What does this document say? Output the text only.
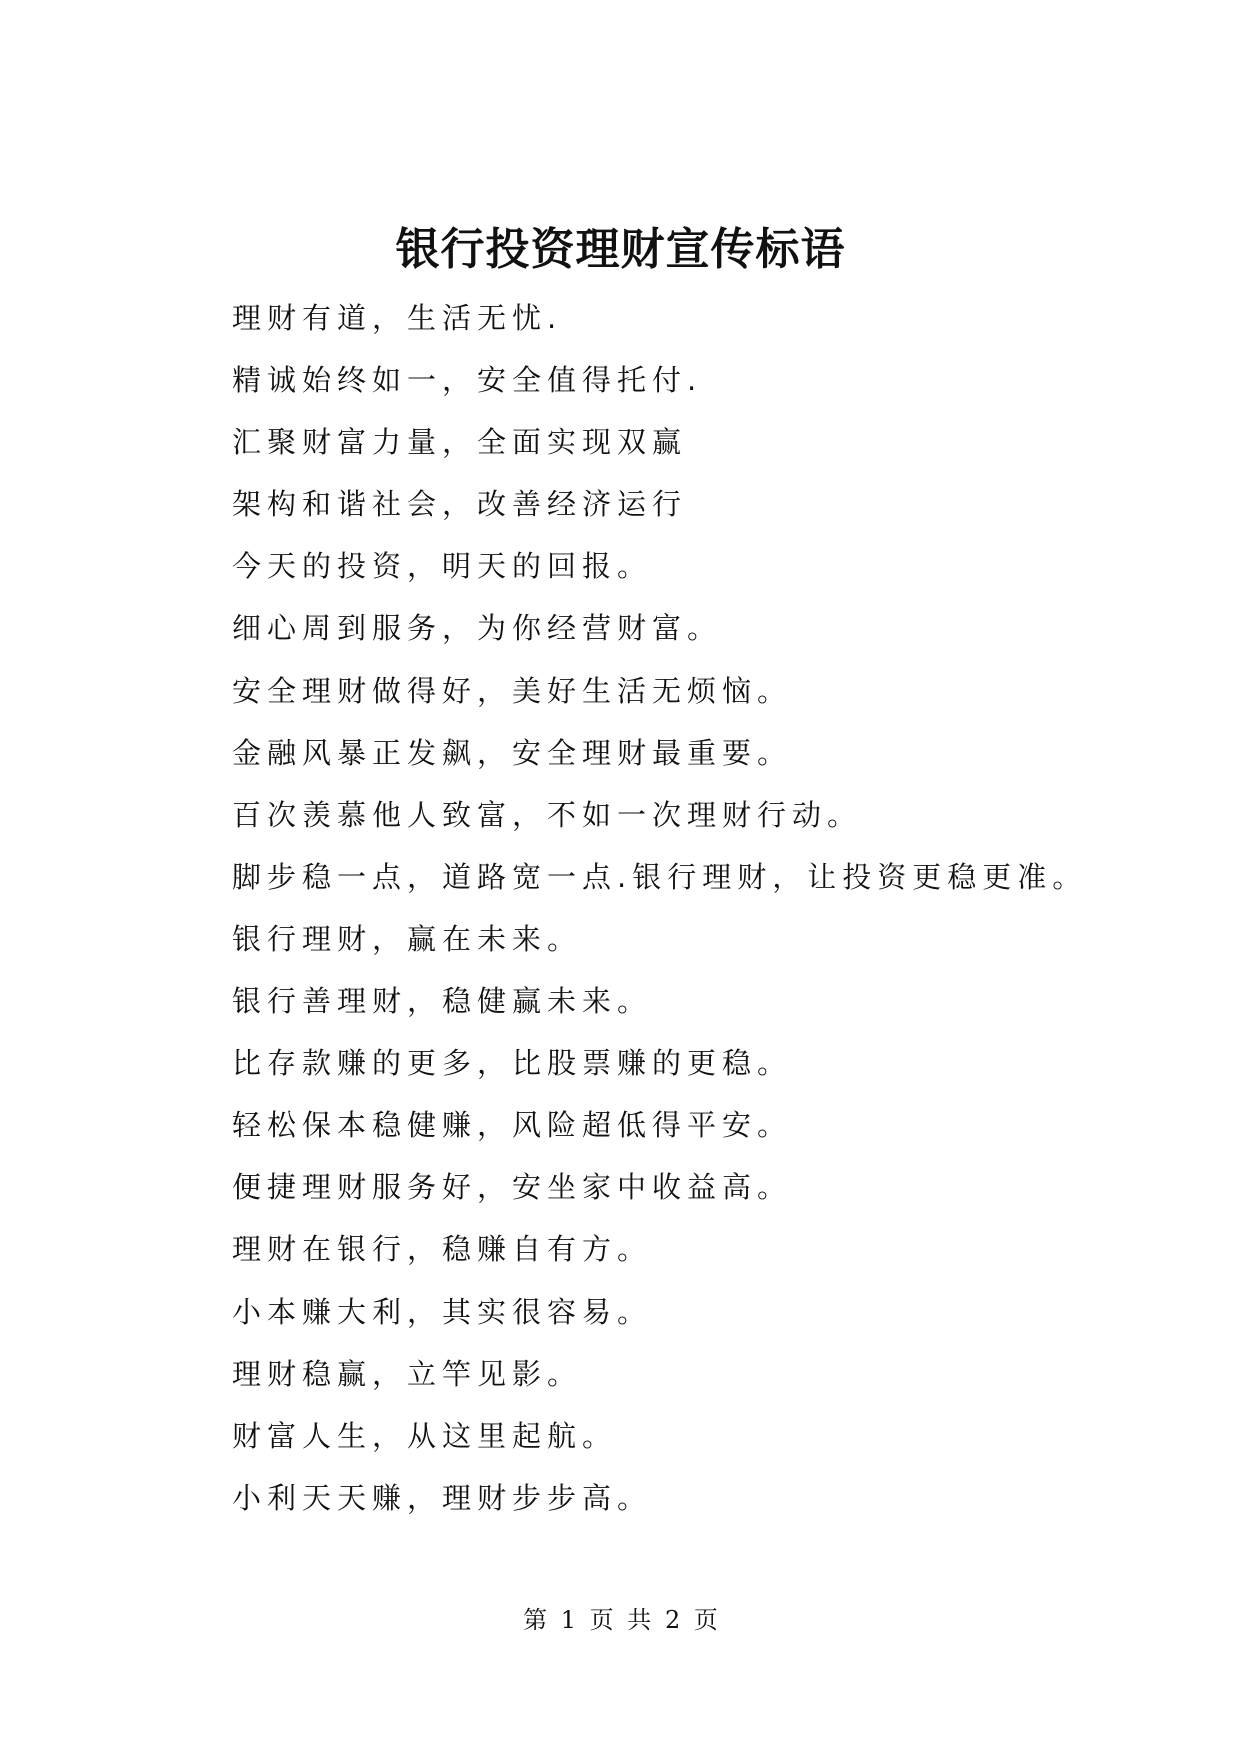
银行投资理财宣传标语
理财有道，生活无忧.
精诚始终如一，安全值得托付.
汇聚财富力量，全面实现双赢
架构和谐社会，改善经济运行
今天的投资，明天的回报。
细心周到服务，为你经营财富。
安全理财做得好，美好生活无烦恼。
金融风暴正发飙，安全理财最重要。
百次羡慕他人致富，不如一次理财行动。
脚步稳一点，道路宽一点.银行理财，让投资更稳更准。
银行理财，赢在未来。
银行善理财，稳健赢未来。
比存款赚的更多，比股票赚的更稳。
轻松保本稳健赚，风险超低得平安。
便捷理财服务好，安坐家中收益高。
理财在银行，稳赚自有方。
小本赚大利，其实很容易。
理财稳赢，立竿见影。
财富人生，从这里起航。
小利天天赚，理财步步高。
第 1 页 共 2 页
